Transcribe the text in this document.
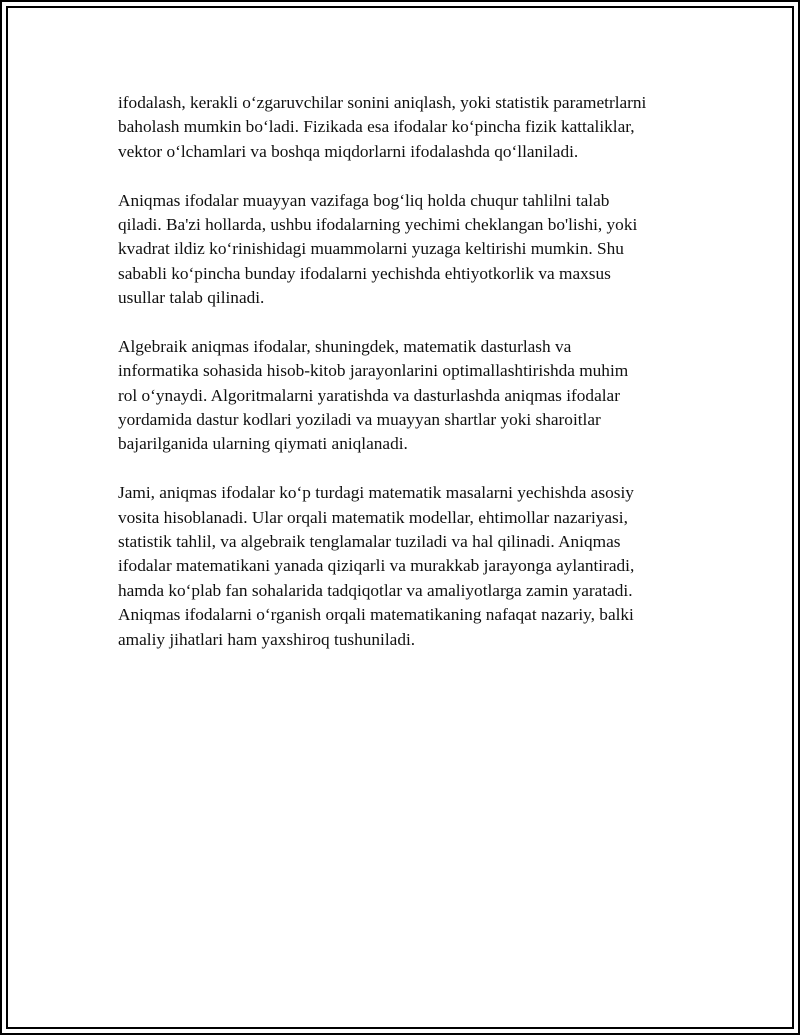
ifodalash, kerakli o‘zgaruvchilar sonini aniqlash, yoki statistik parametrlarni
baholash mumkin bo‘ladi. Fizikada esa ifodalar ko‘pincha fizik kattaliklar,
vektor o‘lchamlari va boshqa miqdorlarni ifodalashda qo‘llaniladi.
Aniqmas ifodalar muayyan vazifaga bog‘liq holda chuqur tahlilni talab
qiladi. Ba'zi hollarda, ushbu ifodalarning yechimi cheklangan bo'lishi, yoki
kvadrat ildiz ko‘rinishidagi muammolarni yuzaga keltirishi mumkin. Shu
sababli ko‘pincha bunday ifodalarni yechishda ehtiyotkorlik va maxsus
usullar talab qilinadi.
Algebraik aniqmas ifodalar, shuningdek, matematik dasturlash va
informatika sohasida hisob-kitob jarayonlarini optimallashtirishda muhim
rol o‘ynaydi. Algoritmalarni yaratishda va dasturlashda aniqmas ifodalar
yordamida dastur kodlari yoziladi va muayyan shartlar yoki sharoitlar
bajarilganida ularning qiymati aniqlanadi.
Jami, aniqmas ifodalar ko‘p turdagi matematik masalarni yechishda asosiy
vosita hisoblanadi. Ular orqali matematik modellar, ehtimollar nazariyasi,
statistik tahlil, va algebraik tenglamalar tuziladi va hal qilinadi. Aniqmas
ifodalar matematikani yanada qiziqarli va murakkab jarayonga aylantiradi,
hamda ko‘plab fan sohalarida tadqiqotlar va amaliyotlarga zamin yaratadi.
Aniqmas ifodalarni o‘rganish orqali matematikaning nafaqat nazariy, balki
amaliy jihatlari ham yaxshiroq tushuniladi.
